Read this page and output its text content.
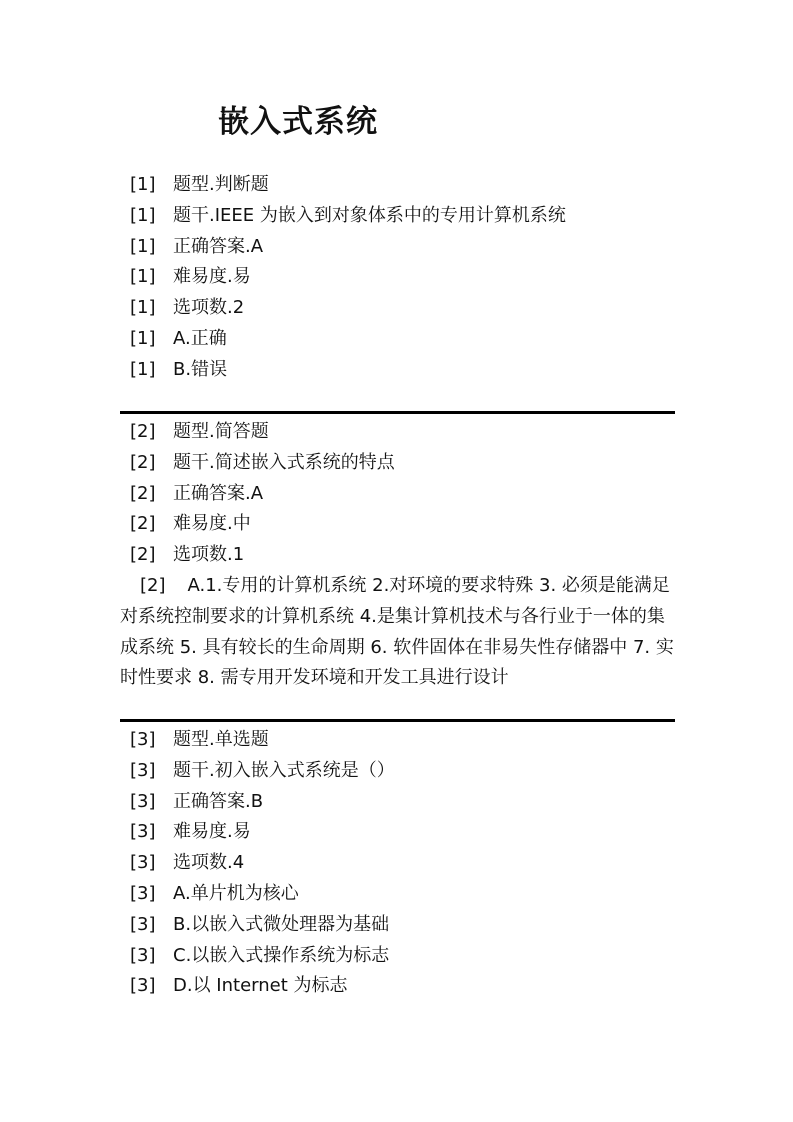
嵌入式系统
[1] 题型.判断题
[1] 题干.IEEE 为嵌入到对象体系中的专用计算机系统
[1] 正确答案.A
[1] 难易度.易
[1] 选项数.2
[1] A.正确
[1] B.错误
[2] 题型.简答题
[2] 题干.简述嵌入式系统的特点
[2] 正确答案.A
[2] 难易度.中
[2] 选项数.1
[2] A.1.专用的计算机系统 2.对环境的要求特殊 3. 必须是能满足对系统控制要求的计算机系统 4.是集计算机技术与各行业于一体的集成系统 5. 具有较长的生命周期 6. 软件固体在非易失性存储器中 7. 实时性要求 8. 需专用开发环境和开发工具进行设计
[3] 题型.单选题
[3] 题干.初入嵌入式系统是（）
[3] 正确答案.B
[3] 难易度.易
[3] 选项数.4
[3] A.单片机为核心
[3] B.以嵌入式微处理器为基础
[3] C.以嵌入式操作系统为标志
[3] D.以 Internet 为标志
